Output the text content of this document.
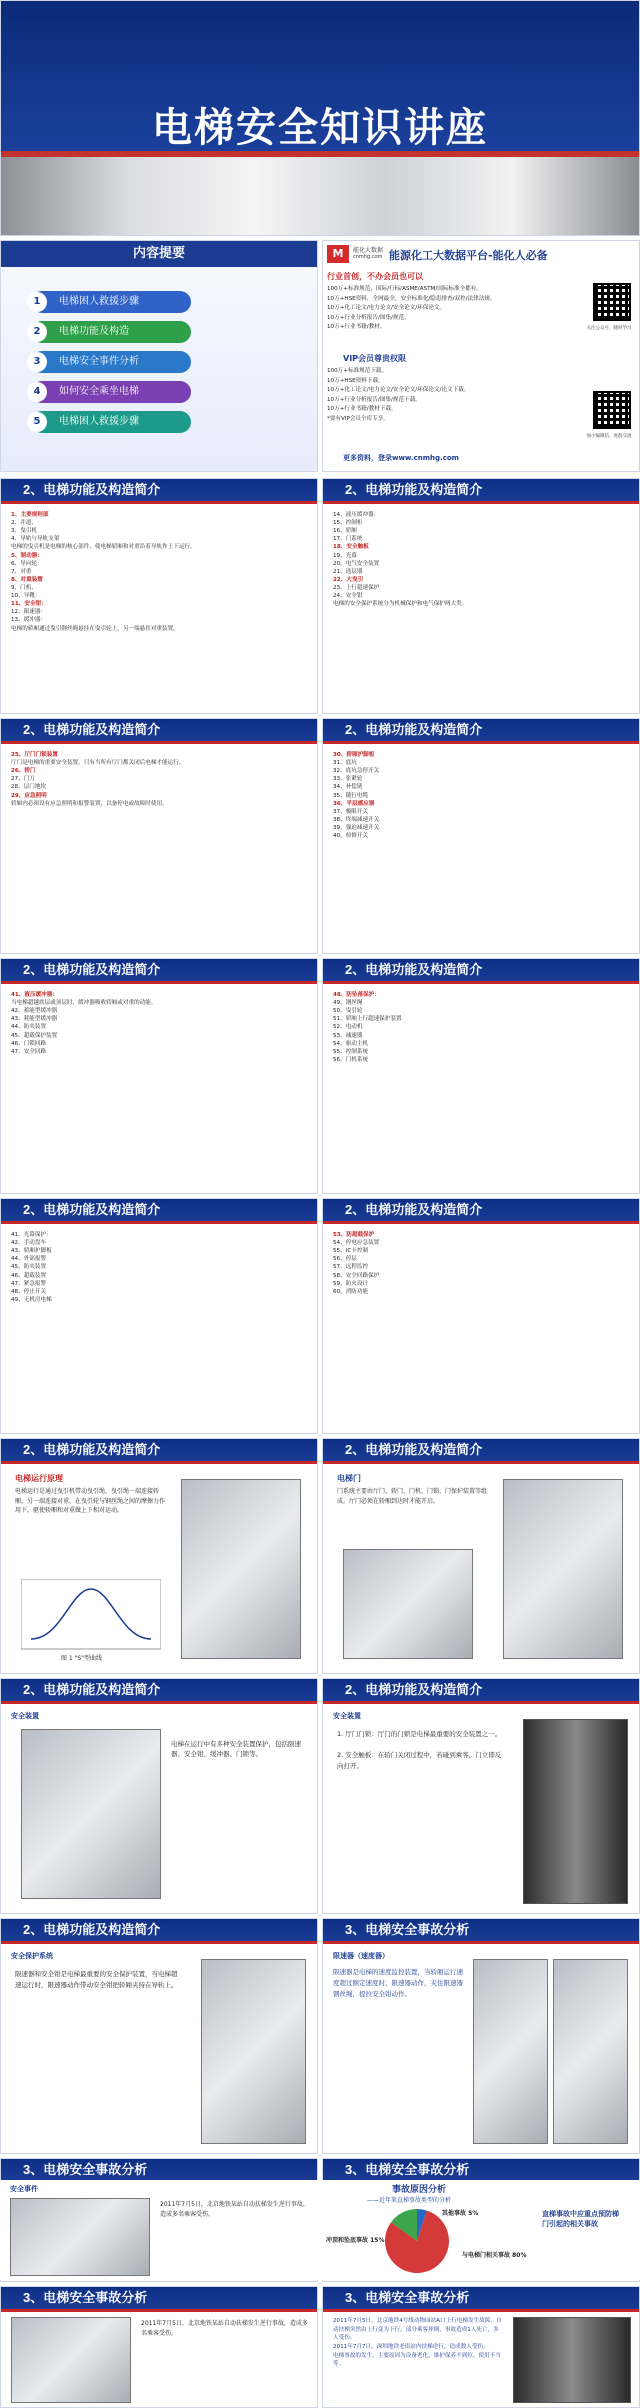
电梯安全知识讲座
内容提要
1	电梯困人救援步骤
2	电梯功能及构造
3	电梯安全事件分析
4	如何安全乘坐电梯
5	电梯困人救援步骤
M	能化大数据
cnmhg.com 能源化工大数据平台-能化人必备
行业首创，不办会员也可以

100万+标准规范，国际/行标/ASME/ASTM/国际标准全都有。

10万+HSE资料，全网最全，安全标准化/隐患排查/双控/法律法规。

10万+化工论文/电力论文/安全论文/环保论文。

10万+行业分析报告/图集/规范。

10万+行业书籍/教材。

VIP会员尊贵权限

100万+标准规范下载。

10万+HSE资料下载。

10万+化工论文/电力论文/安全论文/环保论文/论文下载。

10万+行业分析报告/图集/规范下载。

10万+行业书籍/教材下载。

*要有VIP会员全库专享。

更多资料，登录www.cnmhg.com
关注公众号，随时学习
加小编微信，进群交流
2、电梯功能及构造简介

1、主要规则部

2、井道、

3、曳引机

4、导轨与导轨支架

电梯的曳引机是电梯的核心部件，使电梯轿厢和对重沿着导轨作上下运行，

5、制动器：

6、导向轮：

7、对重

8、对重装置

9、门机、

10、导靴：

11、安全钳：

12、限速器：

13、缓冲器：

电梯的轿厢通过曳引钢丝绳悬挂在曳引轮上，另一端悬挂对重装置。

2、电梯功能及构造简介

14、液压缓冲器：

15、控制柜

16、轿厢

17、门系统

18、安全触板

19、光幕

20、电气安全装置

21、选层器

22、大曳引

23、上行超速保护

24、安全钳

电梯的安全保护系统分为机械保护和电气保护两大类。

2、电梯功能及构造简介

25、厅门门锁装置

厅门是电梯的重要安全装置，只有当所有厅门都关闭后电梯才能运行。

26、轿门

27、门刀

28、层门地坎

29、应急照明

轿厢内必须设有应急照明和报警装置，以备停电或故障时使用。

2、电梯功能及构造简介

30、轿厢护脚板

31、底坑

32、底坑急停开关

33、张紧轮

34、补偿链

35、随行电缆

36、平层感应器

37、极限开关

38、终端减速开关

39、强迫减速开关

40、检修开关

2、电梯功能及构造简介

41、液压缓冲器：

当电梯超越底层或顶层时，缓冲器吸收轿厢或对重的动能。

42、蓄能型缓冲器

43、耗能型缓冲器

44、防夹装置

45、超载保护装置

46、门锁回路

47、安全回路

2、电梯功能及构造简介

48、防坠落保护：

49、钢丝绳

50、曳引轮

51、轿厢上行超速保护装置

52、电动机

53、减速器

54、驱动主机

55、控制系统

56、门机系统

2、电梯功能及构造简介

41、光幕保护：

42、手动盘车

43、轿厢护脚板

44、外部报警

45、防夹装置

46、超载装置

47、紧急报警

48、停止开关

49、无机房电梯

2、电梯功能及构造简介

53、防超载保护

54、停电应急装置

55、IC卡控制

56、停层

57、远程监控

58、安全回路保护

59、防火设计

60、消防功能

2、电梯功能及构造简介
电梯运行原理
电梯运行是通过曳引机带动曳引绳，曳引绳一端连接轿厢，另一端连接对重，在曳引轮与钢丝绳之间的摩擦力作用下，驱使轿厢和对重做上下相对运动。
图 1 "S"型曲线
2、电梯功能及构造简介
电梯门
门系统主要由厅门、轿门、门机、门锁、门保护装置等组成。厅门必须在轿厢到达时才能开启。
2、电梯功能及构造简介
安全装置
电梯在运行中有多种安全装置保护，包括限速器、安全钳、缓冲器、门锁等。
2、电梯功能及构造简介
安全装置

1. 厅门门锁：厅门的门锁是电梯最重要的安全装置之一。

2. 安全触板：在轿门关闭过程中，若碰到乘客，门立即反向打开。

2、电梯功能及构造简介
安全保护系统
限速器和安全钳是电梯最重要的安全保护装置，当电梯超速运行时，限速器动作带动安全钳把轿厢夹持在导轨上。
3、电梯安全事故分析
限速器（速度器）
限速器是电梯的速度监控装置，当轿厢运行速度超过额定速度时，限速器动作，夹住限速器钢丝绳，提拉安全钳动作。
3、电梯安全事故分析	3、电梯安全事故分析
事故原因分析
——近年来直梯事故类型的分析
直梯事故中应重点预防梯门引起的相关事故
其他事故 5%
与电梯门相关事故 80%
冲顶和坠底事故 15%
安全事件
2011年7月5日，北京地铁某站自动扶梯发生逆行事故，造成多名乘客受伤。
3、电梯安全事故分析
2011年7月5日，北京地铁某站自动扶梯发生逆行事故，造成多名乘客受伤。
3、电梯安全事故分析

2011年7月5日，北京地铁4号线动物园站A口上行电梯发生故障，自动扶梯突然由上行变为下行，部分乘客摔倒，事故造成1人死亡，多人受伤。

2011年7月7日，深圳地铁老街站内扶梯逆行，造成数人受伤。

电梯事故的发生，主要原因为设备老化、维护保养不到位、使用不当等。
